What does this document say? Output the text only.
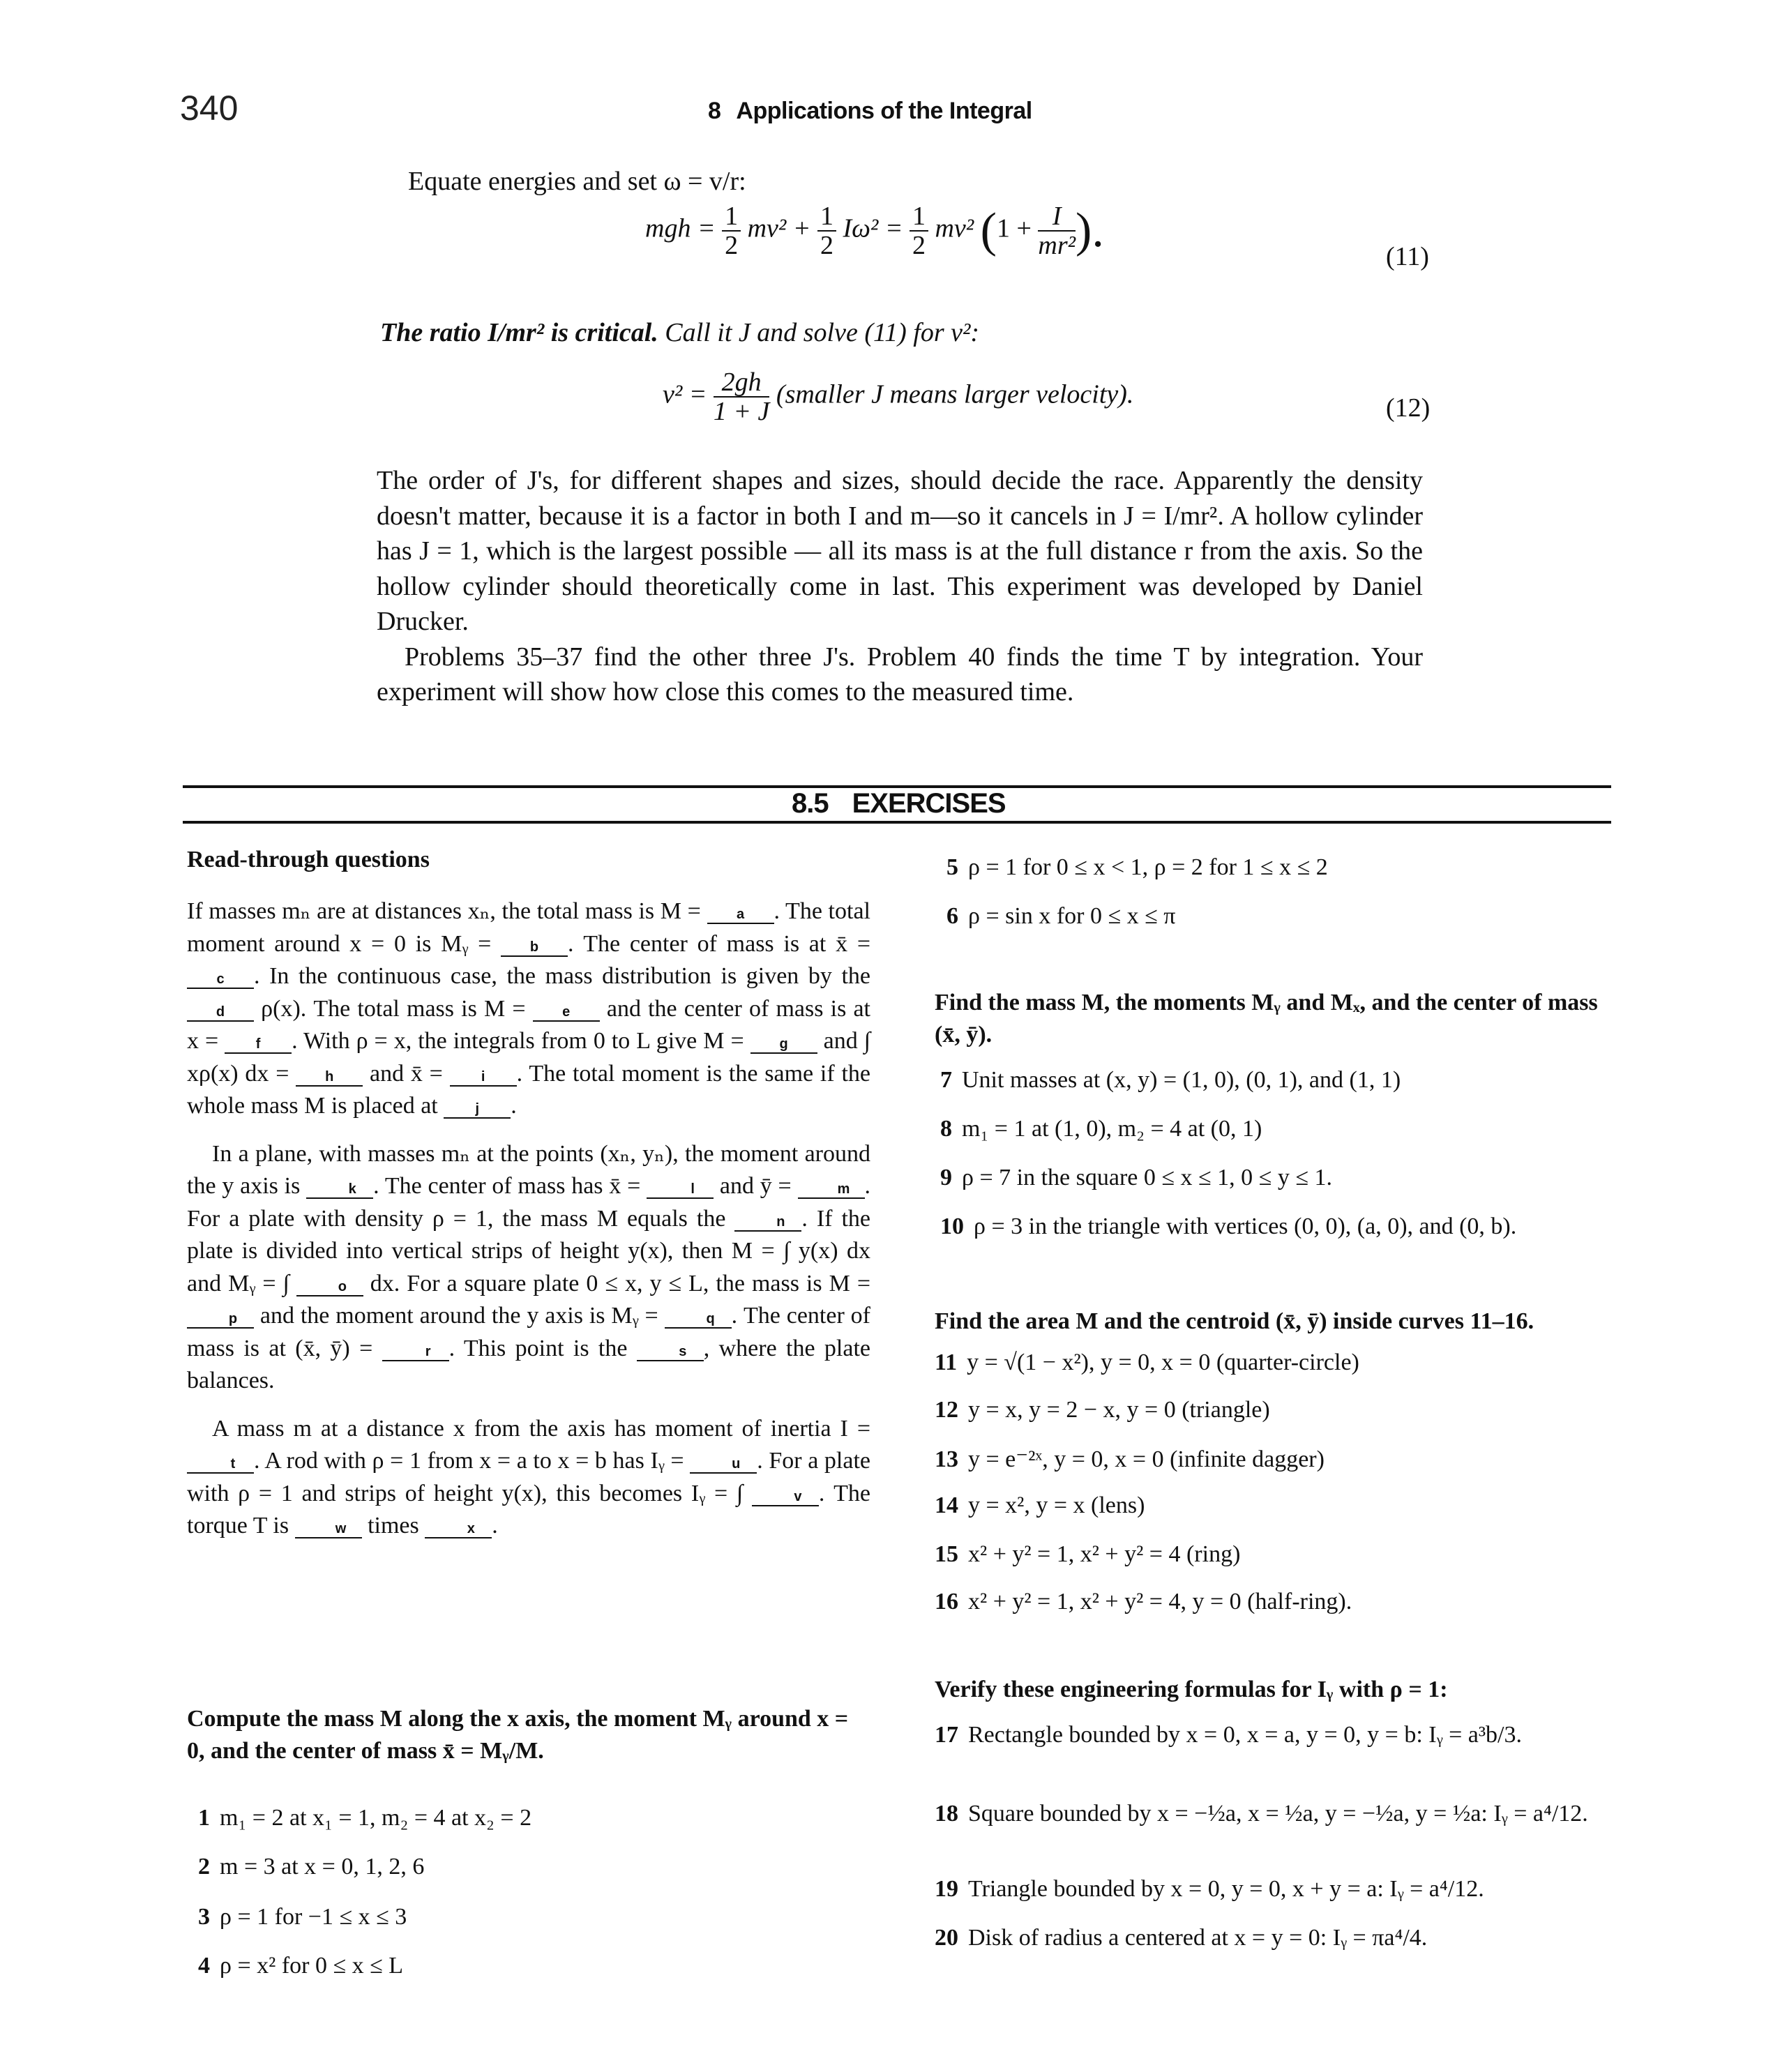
340	8 Applications of the Integral
Equate energies and set ω = v/r:
mgh = $\frac{1}{2} mv^2 + \frac{1}{2} I\omega^2 = \frac{1}{2} mv^2$ ($1 + \frac{I}{\text{mr²}}$ ).	(11)
The ratio I/mr² is critical. Call it J and solve (11) for v²:
$v^2 = \frac{2gh}{1 + J}$ (smaller J means larger velocity).	(12)

The order of J's, for different shapes and sizes, should decide the race. Apparently the density doesn't matter, because it is a factor in both I and m—so it cancels in J = I/mr². A hollow cylinder has J = 1, which is the largest possible — all its mass is at the full distance r from the axis. So the hollow cylinder should theoretically come in last. This experiment was developed by Daniel Drucker.

Problems 35–37 find the other three J's. Problem 40 finds the time T by integration. Your experiment will show how close this comes to the measured time.

8.5 EXERCISES
Read-through questions
If masses mₙ are at distances xₙ, the total mass is M = a . The total moment around x = 0 is Mᵧ = b . The center of mass is at x̄ = c . In the continuous case, the mass distribution is given by the d ρ(x). The total mass is M = e and the center of mass is at x = f . With ρ = x, the integrals from 0 to L give M = g and ∫ xρ(x) dx = h and x̄ = i . The total moment is the same if the whole mass M is placed at j .
In a plane, with masses mₙ at the points (xₙ, yₙ), the moment around the y axis is	k . The center of mass has x̄ =	l and ȳ =	m . For a plate with density ρ = 1, the mass M equals the	n . If the plate is divided into vertical strips of height y(x), then M = ∫ y(x) dx and Mᵧ = ∫	o dx. For a square plate 0 ≤ x, y ≤ L, the mass is M = p and the moment around the y axis is Mᵧ =	q . The center of mass is at (x̄, ȳ) =	r . This point is the	s , where the plate balances.
A mass m at a distance x from the axis has moment of inertia I = t . A rod with ρ = 1 from x = a to x = b has Iᵧ =	u . For a plate with ρ = 1 and strips of height y(x), this becomes Iᵧ = ∫	v . The torque T is	w times	x .
Compute the mass M along the x axis, the moment Mᵧ around x = 0, and the center of mass x̄ = Mᵧ/M.
1 m₁ = 2 at x₁ = 1, m₂ = 4 at x₂ = 2
2 m = 3 at x = 0, 1, 2, 6
3 ρ = 1 for −1 ≤ x ≤ 3
4 ρ = x² for 0 ≤ x ≤ L
5 ρ = 1 for 0 ≤ x < 1, ρ = 2 for 1 ≤ x ≤ 2
6 ρ = sin x for 0 ≤ x ≤ π
Find the mass M, the moments Mᵧ and Mₓ, and the center of mass (x̄, ȳ).
Find the area M and the centroid (x̄, ȳ) inside curves 11–16.
Verify these engineering formulas for Iᵧ with ρ = 1:
7 Unit masses at (x, y) = (1, 0), (0, 1), and (1, 1)
8 m₁ = 1 at (1, 0), m₂ = 4 at (0, 1)
9 ρ = 7 in the square 0 ≤ x ≤ 1, 0 ≤ y ≤ 1.
10 ρ = 3 in the triangle with vertices (0, 0), (a, 0), and (0, b).
11 y = √(1 − x²), y = 0, x = 0 (quarter-circle)
12 y = x, y = 2 − x, y = 0 (triangle)
13 y = e⁻²ˣ, y = 0, x = 0 (infinite dagger)
14 y = x², y = x (lens)
15 x² + y² = 1, x² + y² = 4 (ring)
16 x² + y² = 1, x² + y² = 4, y = 0 (half-ring).
17 Rectangle bounded by x = 0, x = a, y = 0, y = b: Iᵧ = a³b/3.
18 Square bounded by x = −½a, x = ½a, y = −½a, y = ½a: Iᵧ = a⁴/12.
19 Triangle bounded by x = 0, y = 0, x + y = a: Iᵧ = a⁴/12.
20 Disk of radius a centered at x = y = 0: Iᵧ = πa⁴/4.
